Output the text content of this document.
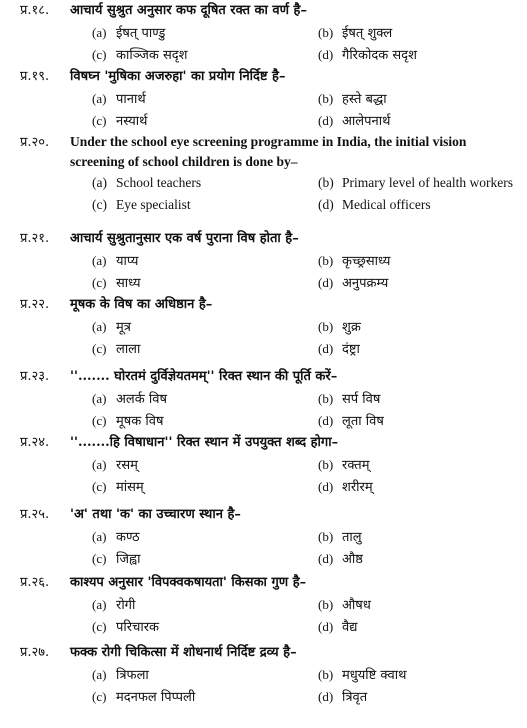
प्र.१८. आचार्य सुश्रुत अनुसार कफ दूषित रक्त का वर्ण है–
(a) ईषत् पाण्डु	(b) ईषत् शुक्ल
(c) काञ्जिक सदृश	(d) गैरिकोदक सदृश
प्र.१९. विषघ्न 'मुषिका अजरुहा' का प्रयोग निर्दिष्ट है–
(a) पानार्थ	(b) हस्ते बद्धा
(c) नस्यार्थ	(d) आलेपनार्थ
प्र.२०. Under the school eye screening programme in India, the initial vision screening of school children is done by–
(a) School teachers	(b) Primary level of health workers
(c) Eye specialist	(d) Medical officers
प्र.२१. आचार्य सुश्रुतानुसार एक वर्ष पुराना विष होता है–
(a) याप्य	(b) कृच्छ्रसाध्य
(c) साध्य	(d) अनुपक्रम्य
प्र.२२. मूषक के विष का अधिष्ठान है–
(a) मूत्र	(b) शुक्र
(c) लाला	(d) दंष्ट्रा
प्र.२३. ''....... घोरतमं दुर्विज्ञेयतमम्'' रिक्त स्थान की पूर्ति करें–
(a) अलर्क विष	(b) सर्प विष
(c) मूषक विष	(d) लूता विष
प्र.२४. ''.......हि विषाधान'' रिक्त स्थान में उपयुक्त शब्द होगा–
(a) रसम्	(b) रक्तम्
(c) मांसम्	(d) शरीरम्
प्र.२५. 'अ' तथा 'क' का उच्चारण स्थान है–
(a) कण्ठ	(b) तालु
(c) जिह्वा	(d) औष्ठ
प्र.२६. काश्यप अनुसार 'विपक्वकषायता' किसका गुण है–
(a) रोगी	(b) औषध
(c) परिचारक	(d) वैद्य
प्र.२७. फक्क रोगी चिकित्सा में शोधनार्थ निर्दिष्ट द्रव्य है–
(a) त्रिफला	(b) मधुयष्टि क्वाथ
(c) मदनफल पिप्पली	(d) त्रिवृत
